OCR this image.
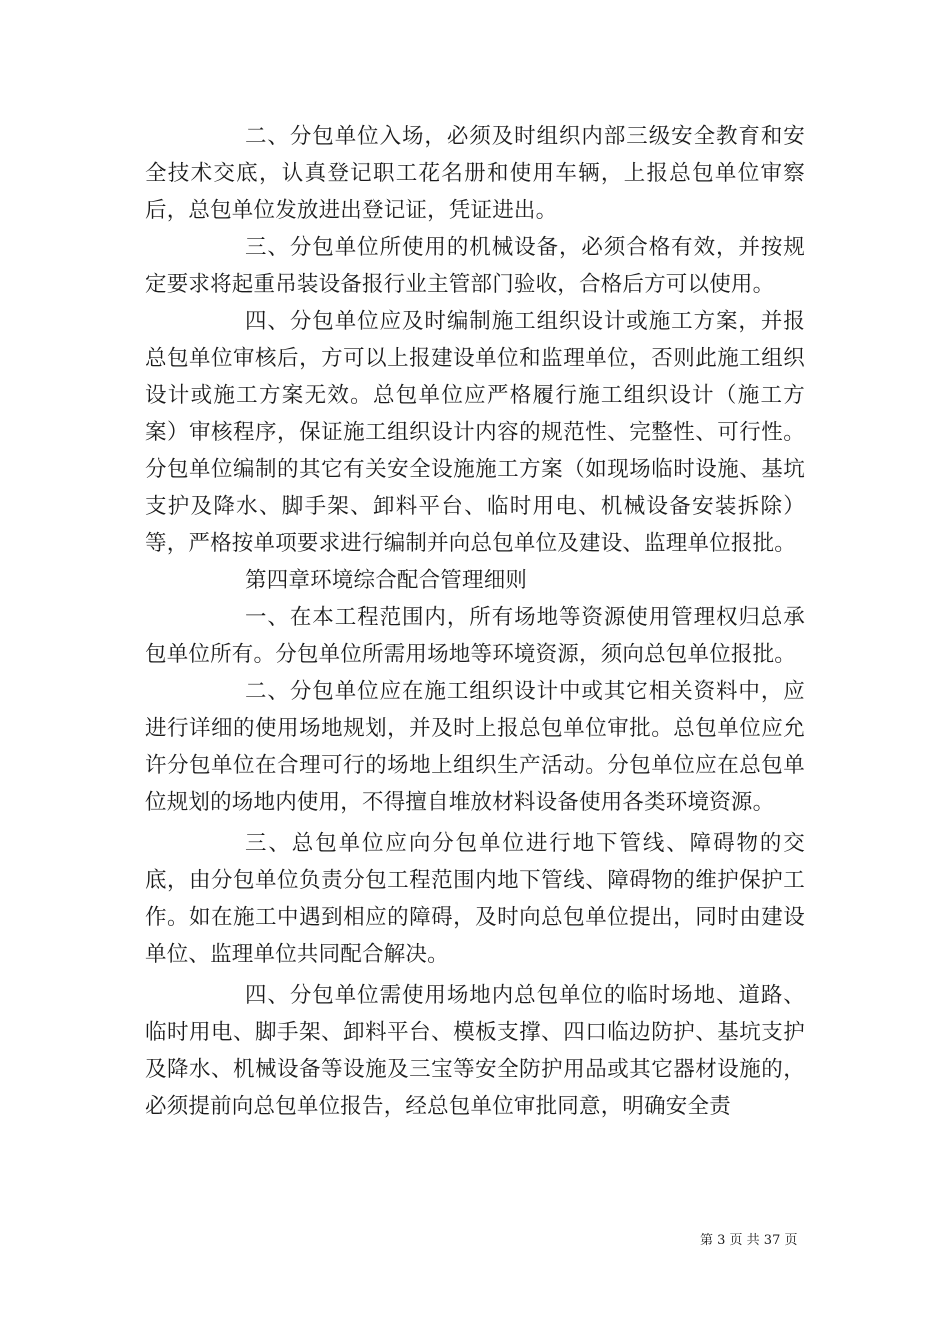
二、分包单位入场，必须及时组织内部三级安全教育和安全技术交底，认真登记职工花名册和使用车辆，上报总包单位审察后，总包单位发放进出登记证，凭证进出。

三、分包单位所使用的机械设备，必须合格有效，并按规定要求将起重吊装设备报行业主管部门验收，合格后方可以使用。

四、分包单位应及时编制施工组织设计或施工方案，并报总包单位审核后，方可以上报建设单位和监理单位，否则此施工组织设计或施工方案无效。总包单位应严格履行施工组织设计（施工方案）审核程序，保证施工组织设计内容的规范性、完整性、可行性。分包单位编制的其它有关安全设施施工方案（如现场临时设施、基坑支护及降水、脚手架、卸料平台、临时用电、机械设备安装拆除）等，严格按单项要求进行编制并向总包单位及建设、监理单位报批。

第四章环境综合配合管理细则

一、在本工程范围内，所有场地等资源使用管理权归总承包单位所有。分包单位所需用场地等环境资源，须向总包单位报批。

二、分包单位应在施工组织设计中或其它相关资料中，应进行详细的使用场地规划，并及时上报总包单位审批。总包单位应允许分包单位在合理可行的场地上组织生产活动。分包单位应在总包单位规划的场地内使用，不得擅自堆放材料设备使用各类环境资源。

三、总包单位应向分包单位进行地下管线、障碍物的交底，由分包单位负责分包工程范围内地下管线、障碍物的维护保护工作。如在施工中遇到相应的障碍，及时向总包单位提出，同时由建设单位、监理单位共同配合解决。

四、分包单位需使用场地内总包单位的临时场地、道路、临时用电、脚手架、卸料平台、模板支撑、四口临边防护、基坑支护及降水、机械设备等设施及三宝等安全防护用品或其它器材设施的，必须提前向总包单位报告，经总包单位审批同意，明确安全责

第 3 页 共 37 页
